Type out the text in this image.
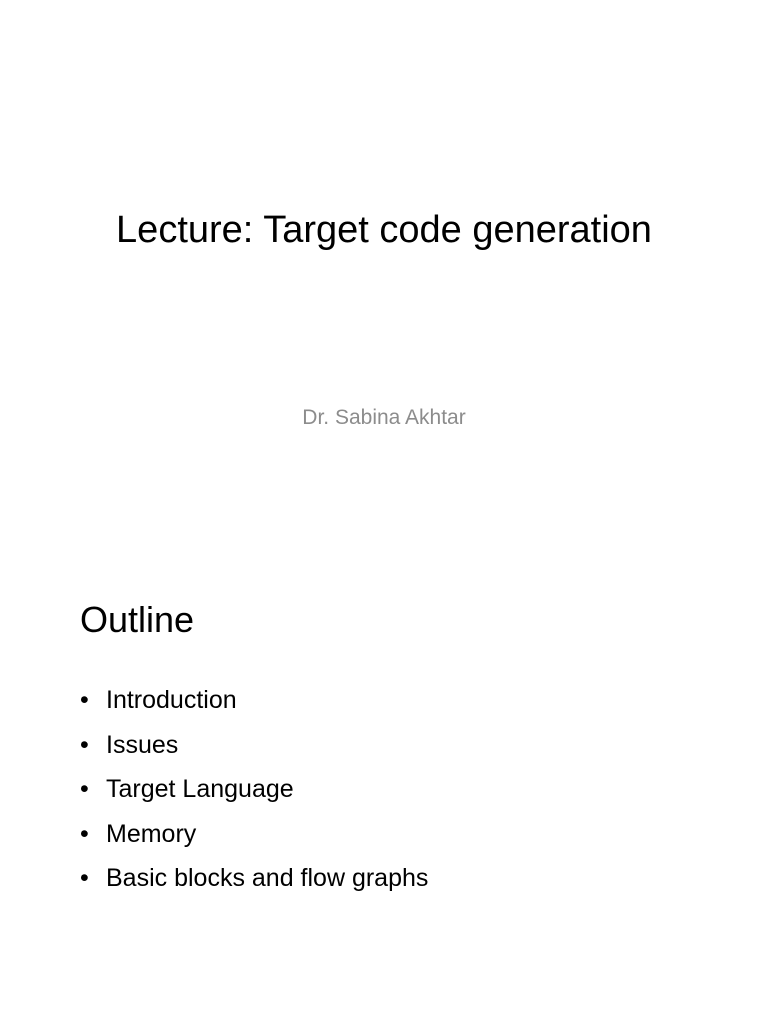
Lecture: Target code generation
Dr. Sabina Akhtar
Outline
• Introduction
• Issues
• Target Language
• Memory
• Basic blocks and flow graphs
